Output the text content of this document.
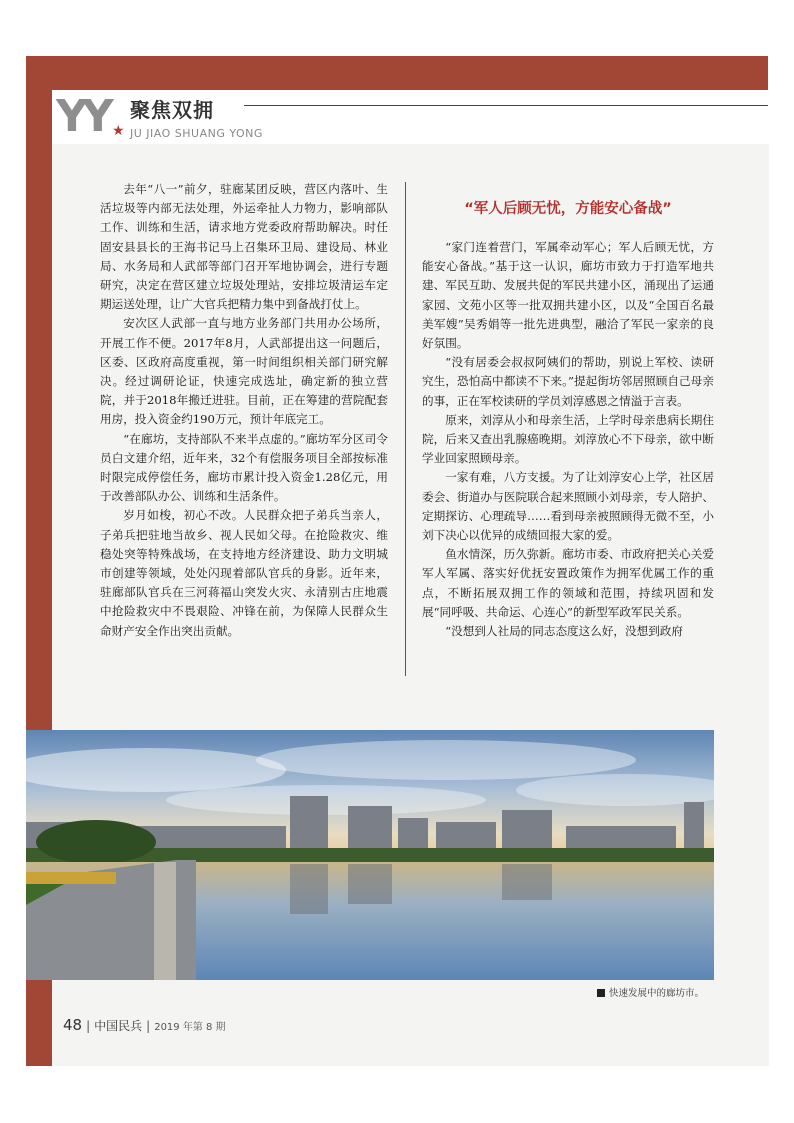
YY ★
聚焦双拥
JU JIAO SHUANG YONG

去年“八一”前夕，驻廊某团反映，营区内落叶、生活垃圾等内部无法处理，外运牵扯人力物力，影响部队工作、训练和生活，请求地方党委政府帮助解决。时任固安县县长的王海书记马上召集环卫局、建设局、林业局、水务局和人武部等部门召开军地协调会，进行专题研究，决定在营区建立垃圾处理站，安排垃圾清运车定期运送处理，让广大官兵把精力集中到备战打仗上。

安次区人武部一直与地方业务部门共用办公场所，开展工作不便。2017年8月，人武部提出这一问题后，区委、区政府高度重视，第一时间组织相关部门研究解决。经过调研论证，快速完成选址，确定新的独立营院，并于2018年搬迁进驻。目前，正在筹建的营院配套用房，投入资金约190万元，预计年底完工。

“在廊坊，支持部队不来半点虚的。”廊坊军分区司令员白文建介绍，近年来，32个有偿服务项目全部按标准时限完成停偿任务，廊坊市累计投入资金1.28亿元，用于改善部队办公、训练和生活条件。

岁月如梭，初心不改。人民群众把子弟兵当亲人，子弟兵把驻地当故乡、视人民如父母。在抢险救灾、维稳处突等特殊战场，在支持地方经济建设、助力文明城市创建等领域，处处闪现着部队官兵的身影。近年来，驻廊部队官兵在三河蒋福山突发火灾、永清别古庄地震中抢险救灾中不畏艰险、冲锋在前，为保障人民群众生命财产安全作出突出贡献。

“军人后顾无忧，方能安心备战”

“家门连着营门，军属牵动军心；军人后顾无忧，方能安心备战。”基于这一认识，廊坊市致力于打造军地共建、军民互助、发展共促的军民共建小区，涌现出了运通家园、文苑小区等一批双拥共建小区，以及“全国百名最美军嫂”吴秀娟等一批先进典型，融洽了军民一家亲的良好氛围。

“没有居委会叔叔阿姨们的帮助，别说上军校、读研究生，恐怕高中都读不下来。”提起街坊邻居照顾自己母亲的事，正在军校读研的学员刘淳感恩之情溢于言表。

原来，刘淳从小和母亲生活，上学时母亲患病长期住院，后来又查出乳腺癌晚期。刘淳放心不下母亲，欲中断学业回家照顾母亲。

一家有难，八方支援。为了让刘淳安心上学，社区居委会、街道办与医院联合起来照顾小刘母亲，专人陪护、定期探访、心理疏导……看到母亲被照顾得无微不至，小刘下决心以优异的成绩回报大家的爱。

鱼水情深，历久弥新。廊坊市委、市政府把关心关爱军人军属、落实好优抚安置政策作为拥军优属工作的重点，不断拓展双拥工作的领域和范围，持续巩固和发展“同呼吸、共命运、心连心”的新型军政军民关系。

“没想到人社局的同志态度这么好，没想到政府

快速发展中的廊坊市。
48 | 中国民兵 | 2019 年第 8 期
